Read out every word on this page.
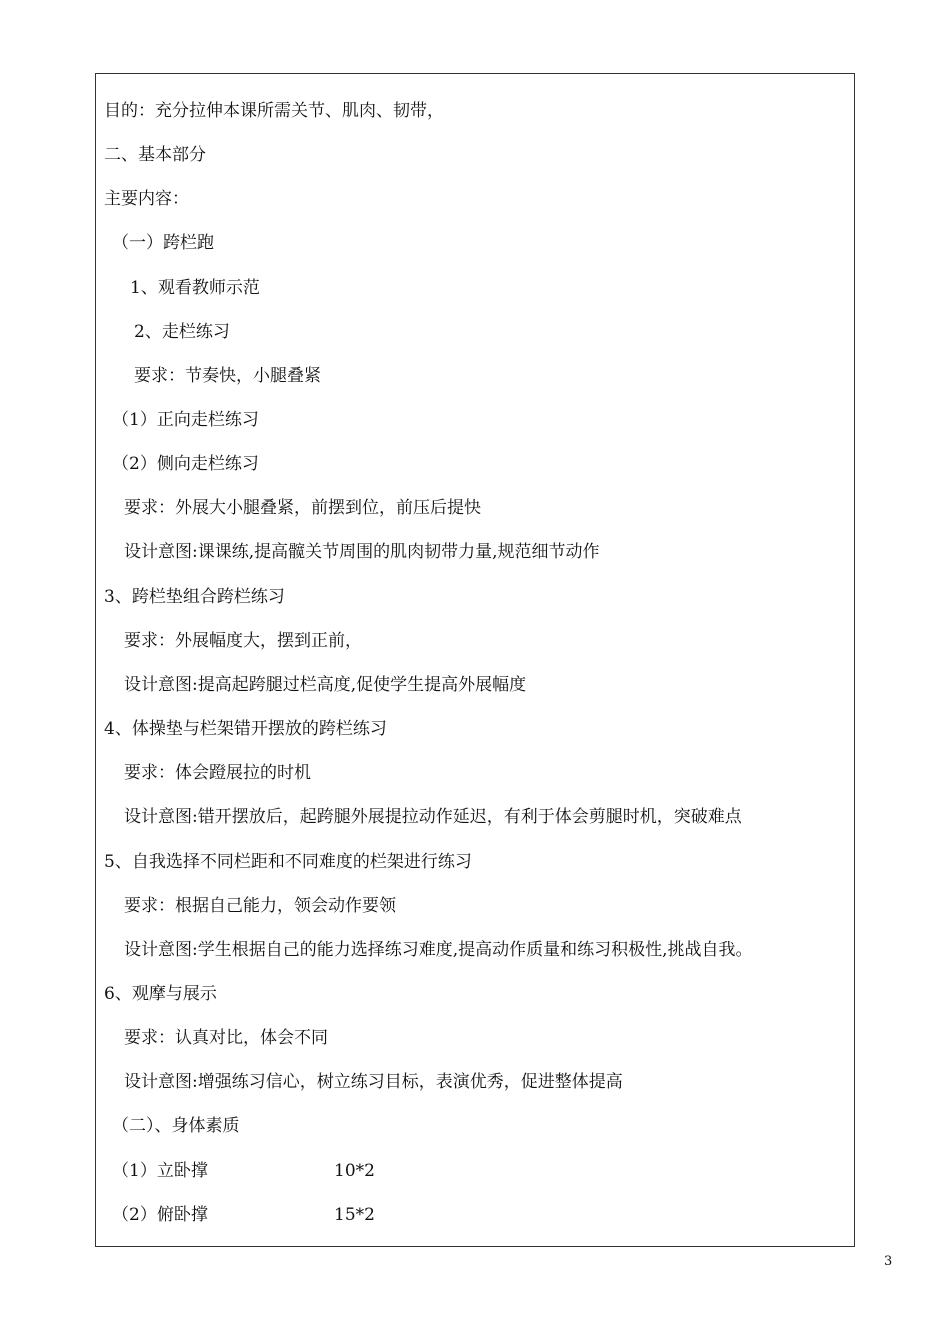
目的：充分拉伸本课所需关节、肌肉、韧带，
二、基本部分
主要内容：
（一）跨栏跑
1、观看教师示范
2、走栏练习
要求：节奏快，小腿叠紧
（1）正向走栏练习
（2）侧向走栏练习
要求：外展大小腿叠紧，前摆到位，前压后提快
设计意图:课课练,提高髋关节周围的肌肉韧带力量,规范细节动作
3、跨栏垫组合跨栏练习
要求：外展幅度大，摆到正前，
设计意图:提高起跨腿过栏高度,促使学生提高外展幅度
4、体操垫与栏架错开摆放的跨栏练习
要求：体会蹬展拉的时机
设计意图:错开摆放后，起跨腿外展提拉动作延迟，有利于体会剪腿时机，突破难点
5、自我选择不同栏距和不同难度的栏架进行练习
要求：根据自己能力，领会动作要领
设计意图:学生根据自己的能力选择练习难度,提高动作质量和练习积极性,挑战自我。
6、观摩与展示
要求：认真对比，体会不同
设计意图:增强练习信心，树立练习目标，表演优秀，促进整体提高
（二）、身体素质
（1）立卧撑	10*2
（2）俯卧撑	15*2
3
